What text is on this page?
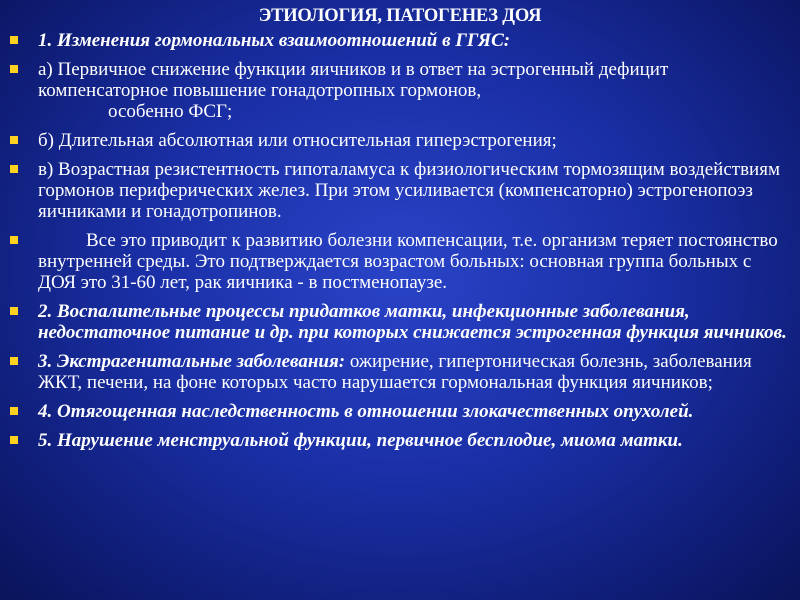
ЭТИОЛОГИЯ, ПАТОГЕНЕЗ ДОЯ
1. Изменения гормональных взаимоотношений в ГГЯС:
а) Первичное снижение функции яичников и в ответ на эстрогенный дефицит компенсаторное повышение гонадотропных гормонов,
особенно ФСГ;
б) Длительная абсолютная или относительная гиперэстрогения;
в) Возрастная резистентность гипоталамуса к физиологическим тормозящим воздействиям гормонов периферических желез. При этом усиливается (компенсаторно) эстрогенопоэз яичниками и гонадотропинов.
Все это приводит к развитию болезни компенсации, т.е. организм теряет постоянство внутренней среды. Это подтверждается возрастом больных: основная группа больных с ДОЯ это 31-60 лет, рак яичника - в постменопаузе.
2. Воспалительные процессы придатков матки, инфекционные заболевания, недостаточное питание и др. при которых снижается эстрогенная функция яичников.
3. Экстрагенитальные заболевания: ожирение, гипертоническая болезнь, заболевания ЖКТ, печени, на фоне которых часто нарушается гормональная функция яичников;
4. Отягощенная наследственность в отношении злокачественных опухолей.
5. Нарушение менструальной функции, первичное бесплодие, миома матки.
